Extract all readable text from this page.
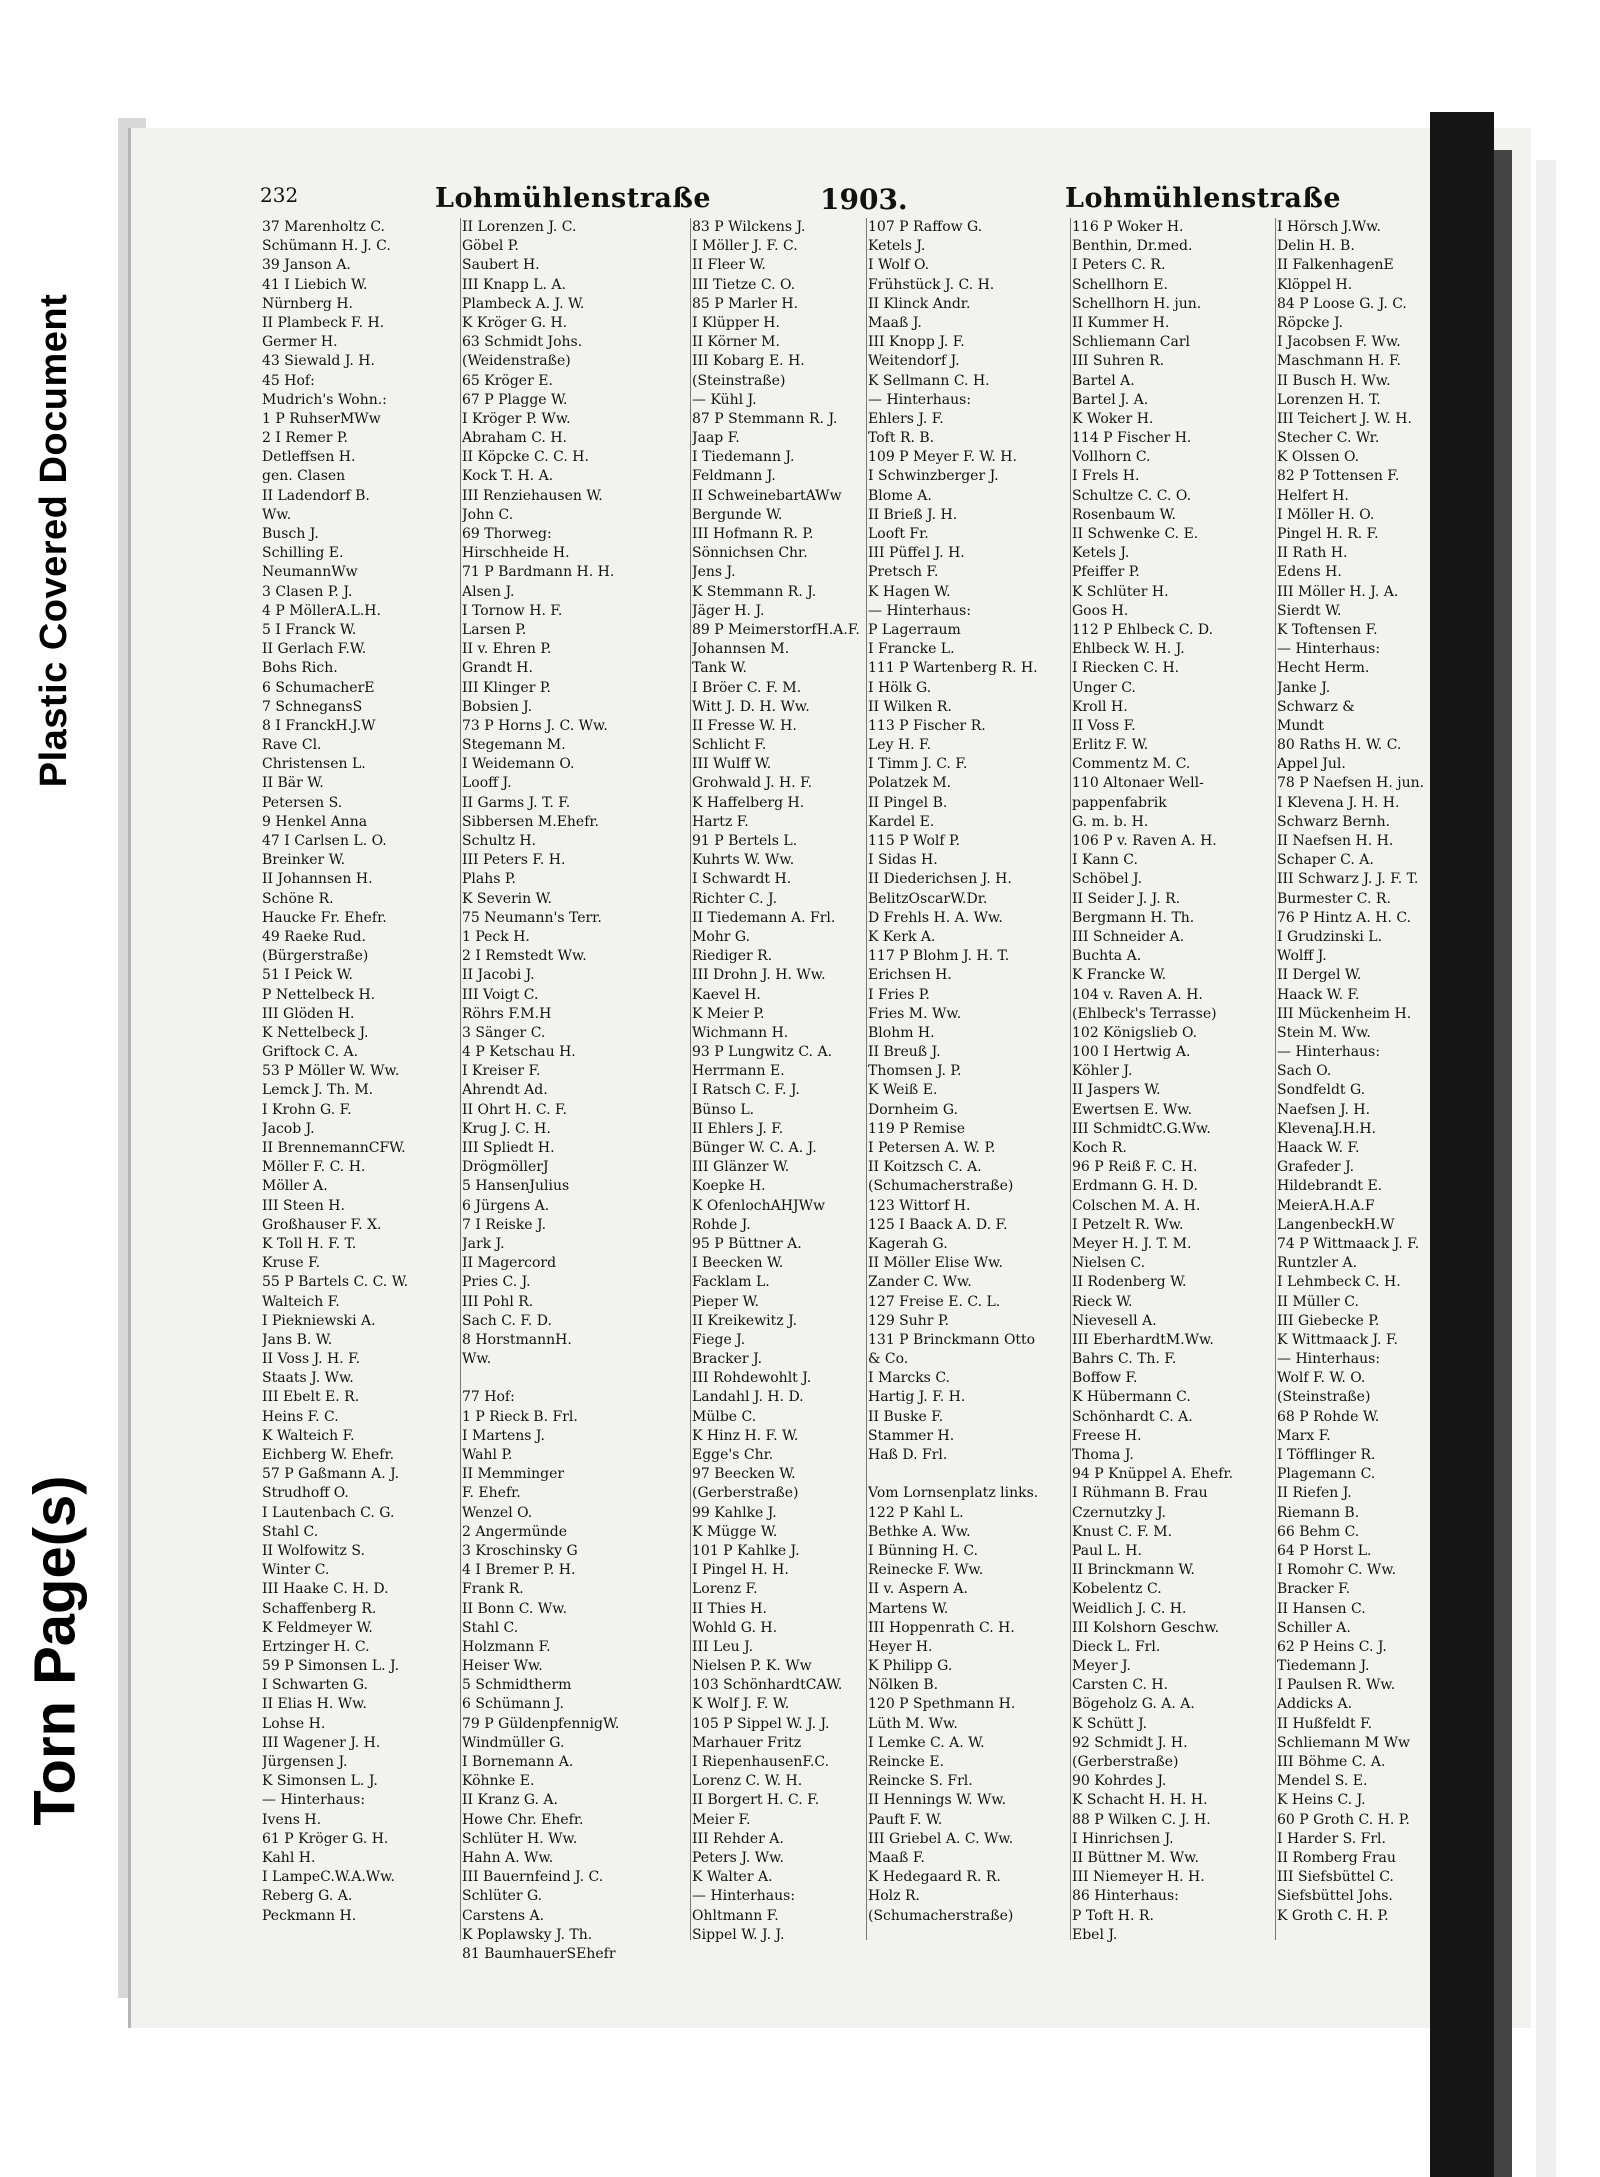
Plastic Covered Document
Torn Page(s)
232	Lohmühlenstraße	1903.	Lohmühlenstraße
37 Marenholtz C.
Schümann H. J. C.
39 Janson A.
41 I Liebich W.
Nürnberg H.
II Plambeck F. H.
Germer H.
43 Siewald J. H.
45 Hof:
Mudrich's Wohn.:
1 P RuhserMWw
2 I Remer P.
Detleffsen H.
gen. Clasen
II Ladendorf B.
Ww.
Busch J.
Schilling E.
NeumannWw
3 Clasen P. J.
4 P MöllerA.L.H.
5 I Franck W.
II Gerlach F.W.
Bohs Rich.
6 SchumacherE
7 SchnegansS
8 I FranckH.J.W
Rave Cl.
Christensen L.
II Bär W.
Petersen S.
9 Henkel Anna
47 I Carlsen L. O.
Breinker W.
II Johannsen H.
Schöne R.
Haucke Fr. Ehefr.
49 Raeke Rud.
(Bürgerstraße)
51 I Peick W.
P Nettelbeck H.
III Glöden H.
K Nettelbeck J.
Griftock C. A.
53 P Möller W. Ww.
Lemck J. Th. M.
I Krohn G. F.
Jacob J.
II BrennemannCFW.
Möller F. C. H.
Möller A.
III Steen H.
Großhauser F. X.
K Toll H. F. T.
Kruse F.
55 P Bartels C. C. W.
Walteich F.
I Piekniewski A.
Jans B. W.
II Voss J. H. F.
Staats J. Ww.
III Ebelt E. R.
Heins F. C.
K Walteich F.
Eichberg W. Ehefr.
57 P Gaßmann A. J.
Strudhoff O.
I Lautenbach C. G.
Stahl C.
II Wolfowitz S.
Winter C.
III Haake C. H. D.
Schaffenberg R.
K Feldmeyer W.
Ertzinger H. C.
59 P Simonsen L. J.
I Schwarten G.
II Elias H. Ww.
Lohse H.
III Wagener J. H.
Jürgensen J.
K Simonsen L. J.
— Hinterhaus:
Ivens H.
61 P Kröger G. H.
Kahl H.
I LampeC.W.A.Ww.
Reberg G. A.
Peckmann H.
II Lorenzen J. C.
Göbel P.
Saubert H.
III Knapp L. A.
Plambeck A. J. W.
K Kröger G. H.
63 Schmidt Johs.
(Weidenstraße)
65 Kröger E.
67 P Plagge W.
I Kröger P. Ww.
Abraham C. H.
II Köpcke C. C. H.
Kock T. H. A.
III Renziehausen W.
John C.
69 Thorweg:
Hirschheide H.
71 P Bardmann H. H.
Alsen J.
I Tornow H. F.
Larsen P.
II v. Ehren P.
Grandt H.
III Klinger P.
Bobsien J.
73 P Horns J. C. Ww.
Stegemann M.
I Weidemann O.
Looff J.
II Garms J. T. F.
Sibbersen M.Ehefr.
Schultz H.
III Peters F. H.
Plahs P.
K Severin W.
75 Neumann's Terr.
1 Peck H.
2 I Remstedt Ww.
II Jacobi J.
III Voigt C.
Röhrs F.M.H
3 Sänger C.
4 P Ketschau H.
I Kreiser F.
Ahrendt Ad.
II Ohrt H. C. F.
Krug J. C. H.
III Spliedt H.
DrögmöllerJ
5 HansenJulius
6 Jürgens A.
7 I Reiske J.
Jark J.
II Magercord
Pries C. J.
III Pohl R.
Sach C. F. D.
8 HorstmannH.
Ww.
77 Hof:
1 P Rieck B. Frl.
I Martens J.
Wahl P.
II Memminger
F. Ehefr.
Wenzel O.
2 Angermünde
3 Kroschinsky G
4 I Bremer P. H.
Frank R.
II Bonn C. Ww.
Stahl C.
Holzmann F.
Heiser Ww.
5 Schmidtherm
6 Schümann J.
79 P GüldenpfennigW.
Windmüller G.
I Bornemann A.
Köhnke E.
II Kranz G. A.
Howe Chr. Ehefr.
Schlüter H. Ww.
Hahn A. Ww.
III Bauernfeind J. C.
Schlüter G.
Carstens A.
K Poplawsky J. Th.
81 BaumhauerSEhefr
83 P Wilckens J.
I Möller J. F. C.
II Fleer W.
III Tietze C. O.
85 P Marler H.
I Klüpper H.
II Körner M.
III Kobarg E. H.
(Steinstraße)
— Kühl J.
87 P Stemmann R. J.
Jaap F.
I Tiedemann J.
Feldmann J.
II SchweinebartAWw
Bergunde W.
III Hofmann R. P.
Sönnichsen Chr.
Jens J.
K Stemmann R. J.
Jäger H. J.
89 P MeimerstorfH.A.F.
Johannsen M.
Tank W.
I Bröer C. F. M.
Witt J. D. H. Ww.
II Fresse W. H.
Schlicht F.
III Wulff W.
Grohwald J. H. F.
K Haffelberg H.
Hartz F.
91 P Bertels L.
Kuhrts W. Ww.
I Schwardt H.
Richter C. J.
II Tiedemann A. Frl.
Mohr G.
Riediger R.
III Drohn J. H. Ww.
Kaevel H.
K Meier P.
Wichmann H.
93 P Lungwitz C. A.
Herrmann E.
I Ratsch C. F. J.
Bünso L.
II Ehlers J. F.
Bünger W. C. A. J.
III Glänzer W.
Koepke H.
K OfenlochAHJWw
Rohde J.
95 P Büttner A.
I Beecken W.
Facklam L.
Pieper W.
II Kreikewitz J.
Fiege J.
Bracker J.
III Rohdewohlt J.
Landahl J. H. D.
Mülbe C.
K Hinz H. F. W.
Egge's Chr.
97 Beecken W.
(Gerberstraße)
99 Kahlke J.
K Mügge W.
101 P Kahlke J.
I Pingel H. H.
Lorenz F.
II Thies H.
Wohld G. H.
III Leu J.
Nielsen P. K. Ww
103 SchönhardtCAW.
K Wolf J. F. W.
105 P Sippel W. J. J.
Marhauer Fritz
I RiepenhausenF.C.
Lorenz C. W. H.
II Borgert H. C. F.
Meier F.
III Rehder A.
Peters J. Ww.
K Walter A.
— Hinterhaus:
Ohltmann F.
Sippel W. J. J.
107 P Raffow G.
Ketels J.
I Wolf O.
Frühstück J. C. H.
II Klinck Andr.
Maaß J.
III Knopp J. F.
Weitendorf J.
K Sellmann C. H.
— Hinterhaus:
Ehlers J. F.
Toft R. B.
109 P Meyer F. W. H.
I Schwinzberger J.
Blome A.
II Brieß J. H.
Looft Fr.
III Püffel J. H.
Pretsch F.
K Hagen W.
— Hinterhaus:
P Lagerraum
I Francke L.
111 P Wartenberg R. H.
I Hölk G.
II Wilken R.
113 P Fischer R.
Ley H. F.
I Timm J. C. F.
Polatzek M.
II Pingel B.
Kardel E.
115 P Wolf P.
I Sidas H.
II Diederichsen J. H.
BelitzOscarW.Dr.
D Frehls H. A. Ww.
K Kerk A.
117 P Blohm J. H. T.
Erichsen H.
I Fries P.
Fries M. Ww.
Blohm H.
II Breuß J.
Thomsen J. P.
K Weiß E.
Dornheim G.
119 P Remise
I Petersen A. W. P.
II Koitzsch C. A.
(Schumacherstraße)
123 Wittorf H.
125 I Baack A. D. F.
Kagerah G.
II Möller Elise Ww.
Zander C. Ww.
127 Freise E. C. L.
129 Suhr P.
131 P Brinckmann Otto
& Co.
I Marcks C.
Hartig J. F. H.
II Buske F.
Stammer H.
Haß D. Frl.
Vom Lornsenplatz links.
122 P Kahl L.
Bethke A. Ww.
I Bünning H. C.
Reinecke F. Ww.
II v. Aspern A.
Martens W.
III Hoppenrath C. H.
Heyer H.
K Philipp G.
Nölken B.
120 P Spethmann H.
Lüth M. Ww.
I Lemke C. A. W.
Reincke E.
Reincke S. Frl.
II Hennings W. Ww.
Pauft F. W.
III Griebel A. C. Ww.
Maaß F.
K Hedegaard R. R.
Holz R.
(Schumacherstraße)
116 P Woker H.
Benthin, Dr.med.
I Peters C. R.
Schellhorn E.
Schellhorn H. jun.
II Kummer H.
Schliemann Carl
III Suhren R.
Bartel A.
Bartel J. A.
K Woker H.
114 P Fischer H.
Vollhorn C.
I Frels H.
Schultze C. C. O.
Rosenbaum W.
II Schwenke C. E.
Ketels J.
Pfeiffer P.
K Schlüter H.
Goos H.
112 P Ehlbeck C. D.
Ehlbeck W. H. J.
I Riecken C. H.
Unger C.
Kroll H.
II Voss F.
Erlitz F. W.
Commentz M. C.
110 Altonaer Well-
pappenfabrik
G. m. b. H.
106 P v. Raven A. H.
I Kann C.
Schöbel J.
II Seider J. J. R.
Bergmann H. Th.
III Schneider A.
Buchta A.
K Francke W.
104 v. Raven A. H.
(Ehlbeck's Terrasse)
102 Königslieb O.
100 I Hertwig A.
Köhler J.
II Jaspers W.
Ewertsen E. Ww.
III SchmidtC.G.Ww.
Koch R.
96 P Reiß F. C. H.
Erdmann G. H. D.
Colschen M. A. H.
I Petzelt R. Ww.
Meyer H. J. T. M.
Nielsen C.
II Rodenberg W.
Rieck W.
Nievesell A.
III EberhardtM.Ww.
Bahrs C. Th. F.
Boffow F.
K Hübermann C.
Schönhardt C. A.
Freese H.
Thoma J.
94 P Knüppel A. Ehefr.
I Rühmann B. Frau
Czernutzky J.
Knust C. F. M.
Paul L. H.
II Brinckmann W.
Kobelentz C.
Weidlich J. C. H.
III Kolshorn Geschw.
Dieck L. Frl.
Meyer J.
Carsten C. H.
Bögeholz G. A. A.
K Schütt J.
92 Schmidt J. H.
(Gerberstraße)
90 Kohrdes J.
K Schacht H. H. H.
88 P Wilken C. J. H.
I Hinrichsen J.
II Büttner M. Ww.
III Niemeyer H. H.
86 Hinterhaus:
P Toft H. R.
Ebel J.
I Hörsch J.Ww.
Delin H. B.
II FalkenhagenE
Klöppel H.
84 P Loose G. J. C.
Röpcke J.
I Jacobsen F. Ww.
Maschmann H. F.
II Busch H. Ww.
Lorenzen H. T.
III Teichert J. W. H.
Stecher C. Wr.
K Olssen O.
82 P Tottensen F.
Helfert H.
I Möller H. O.
Pingel H. R. F.
II Rath H.
Edens H.
III Möller H. J. A.
Sierdt W.
K Toftensen F.
— Hinterhaus:
Hecht Herm.
Janke J.
Schwarz &
Mundt
80 Raths H. W. C.
Appel Jul.
78 P Naefsen H. jun.
I Klevena J. H. H.
Schwarz Bernh.
II Naefsen H. H.
Schaper C. A.
III Schwarz J. J. F. T.
Burmester C. R.
76 P Hintz A. H. C.
I Grudzinski L.
Wolff J.
II Dergel W.
Haack W. F.
III Mückenheim H.
Stein M. Ww.
— Hinterhaus:
Sach O.
Sondfeldt G.
Naefsen J. H.
KlevenaJ.H.H.
Haack W. F.
Grafeder J.
Hildebrandt E.
MeierA.H.A.F
LangenbeckH.W
74 P Wittmaack J. F.
Runtzler A.
I Lehmbeck C. H.
II Müller C.
III Giebecke P.
K Wittmaack J. F.
— Hinterhaus:
Wolf F. W. O.
(Steinstraße)
68 P Rohde W.
Marx F.
I Töfflinger R.
Plagemann C.
II Riefen J.
Riemann B.
66 Behm C.
64 P Horst L.
I Romohr C. Ww.
Bracker F.
II Hansen C.
Schiller A.
62 P Heins C. J.
Tiedemann J.
I Paulsen R. Ww.
Addicks A.
II Hußfeldt F.
Schliemann M Ww
III Böhme C. A.
Mendel S. E.
K Heins C. J.
60 P Groth C. H. P.
I Harder S. Frl.
II Romberg Frau
III Siefsbüttel C.
Siefsbüttel Johs.
K Groth C. H. P.
